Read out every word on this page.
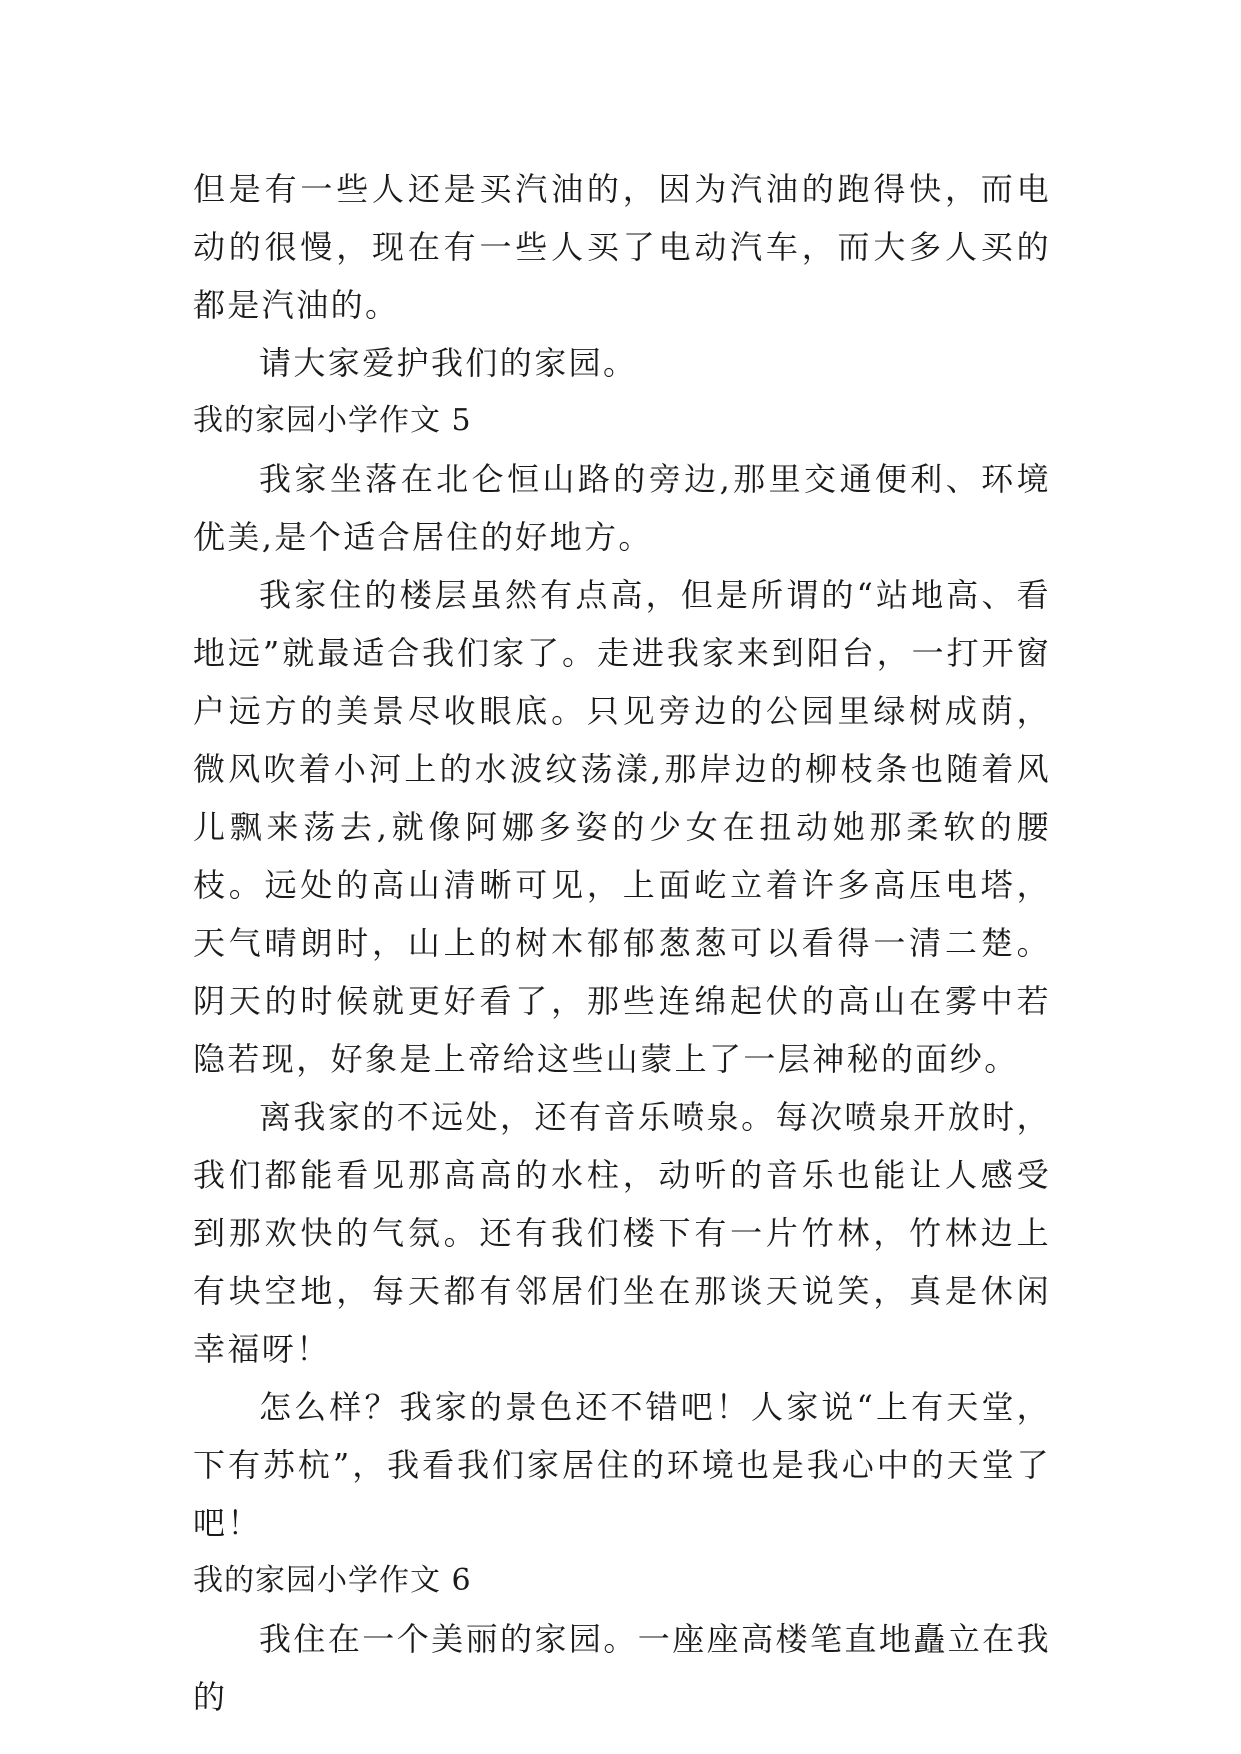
但是有一些人还是买汽油的，因为汽油的跑得快，而电动的很慢，现在有一些人买了电动汽车，而大多人买的都是汽油的。

请大家爱护我们的家园。

我的家园小学作文 5

我家坐落在北仑恒山路的旁边,那里交通便利、环境优美,是个适合居住的好地方。

我家住的楼层虽然有点高，但是所谓的“站地高、看地远”就最适合我们家了。走进我家来到阳台，一打开窗户远方的美景尽收眼底。只见旁边的公园里绿树成荫，微风吹着小河上的水波纹荡漾,那岸边的柳枝条也随着风儿飘来荡去,就像阿娜多姿的少女在扭动她那柔软的腰枝。远处的高山清晰可见，上面屹立着许多高压电塔，天气晴朗时，山上的树木郁郁葱葱可以看得一清二楚。阴天的时候就更好看了，那些连绵起伏的高山在雾中若隐若现，好象是上帝给这些山蒙上了一层神秘的面纱。

离我家的不远处，还有音乐喷泉。每次喷泉开放时，我们都能看见那高高的水柱，动听的音乐也能让人感受到那欢快的气氛。还有我们楼下有一片竹林，竹林边上有块空地，每天都有邻居们坐在那谈天说笑，真是休闲幸福呀！

怎么样？我家的景色还不错吧！人家说“上有天堂，下有苏杭”，我看我们家居住的环境也是我心中的天堂了吧！

我的家园小学作文 6

我住在一个美丽的家园。一座座高楼笔直地矗立在我的
